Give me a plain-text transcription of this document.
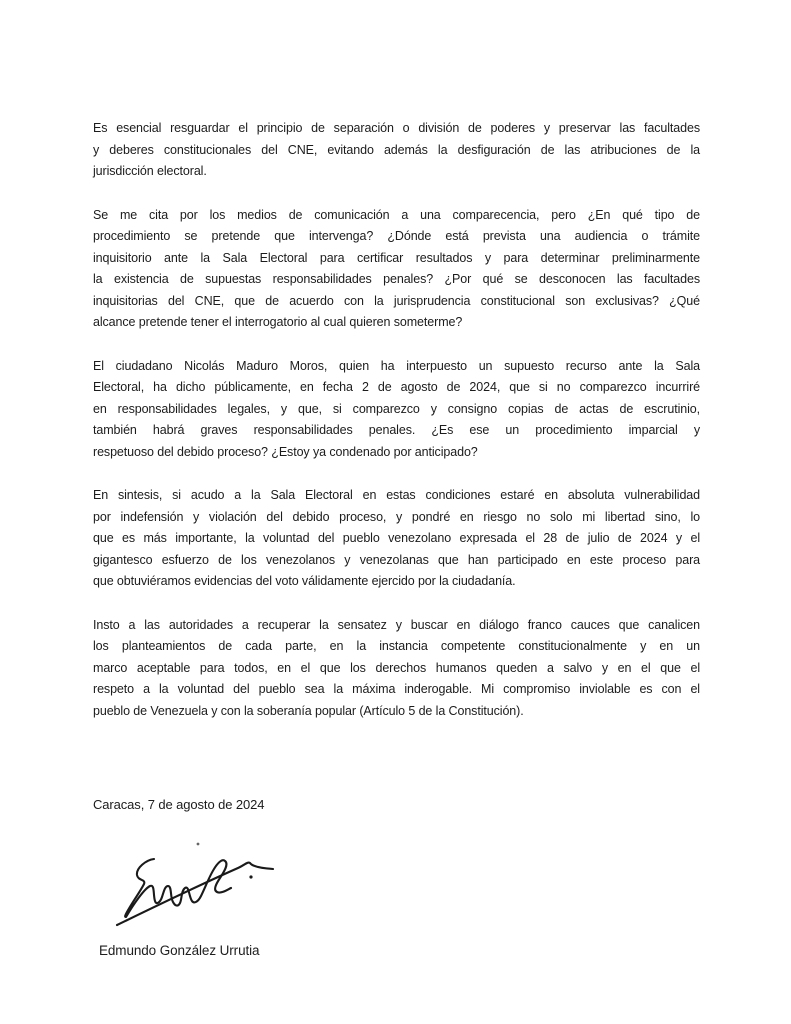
Es esencial resguardar el principio de separación o división de poderes y preservar las facultades
y deberes constitucionales del CNE, evitando además la desfiguración de las atribuciones de la
jurisdicción electoral.
Se me cita por los medios de comunicación a una comparecencia, pero ¿En qué tipo de
procedimiento se pretende que intervenga? ¿Dónde está prevista una audiencia o trámite
inquisitorio ante la Sala Electoral para certificar resultados y para determinar preliminarmente
la existencia de supuestas responsabilidades penales? ¿Por qué se desconocen las facultades
inquisitorias del CNE, que de acuerdo con la jurisprudencia constitucional son exclusivas? ¿Qué
alcance pretende tener el interrogatorio al cual quieren someterme?
El ciudadano Nicolás Maduro Moros, quien ha interpuesto un supuesto recurso ante la Sala
Electoral, ha dicho públicamente, en fecha 2 de agosto de 2024, que si no comparezco incurriré
en responsabilidades legales, y que, si comparezco y consigno copias de actas de escrutinio,
también habrá graves responsabilidades penales. ¿Es ese un procedimiento imparcial y
respetuoso del debido proceso? ¿Estoy ya condenado por anticipado?
En sintesis, si acudo a la Sala Electoral en estas condiciones estaré en absoluta vulnerabilidad
por indefensión y violación del debido proceso, y pondré en riesgo no solo mi libertad sino, lo
que es más importante, la voluntad del pueblo venezolano expresada el 28 de julio de 2024 y el
gigantesco esfuerzo de los venezolanos y venezolanas que han participado en este proceso para
que obtuviéramos evidencias del voto válidamente ejercido por la ciudadanía.
Insto a las autoridades a recuperar la sensatez y buscar en diálogo franco cauces que canalicen
los planteamientos de cada parte, en la instancia competente constitucionalmente y en un
marco aceptable para todos, en el que los derechos humanos queden a salvo y en el que el
respeto a la voluntad del pueblo sea la máxima inderogable. Mi compromiso inviolable es con el
pueblo de Venezuela y con la soberanía popular (Artículo 5 de la Constitución).
Caracas, 7 de agosto de 2024
Edmundo González Urrutia
